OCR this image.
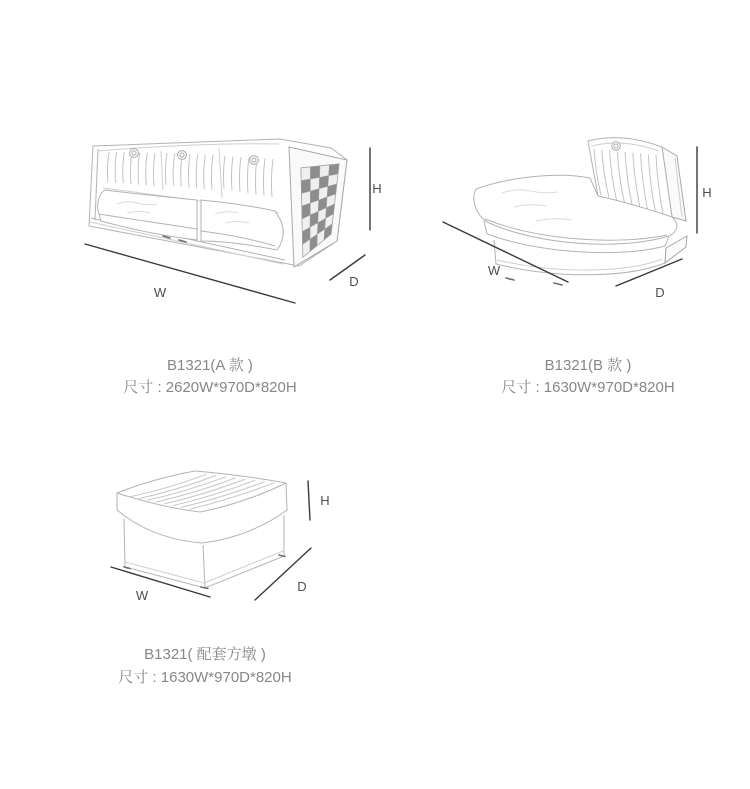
W
D
H
W
D
H
W
D
H
B1321(A 款 )
尺寸 : 2620W*970D*820H
B1321(B 款 )
尺寸 : 1630W*970D*820H
B1321( 配套方墩 )
尺寸 : 1630W*970D*820H
